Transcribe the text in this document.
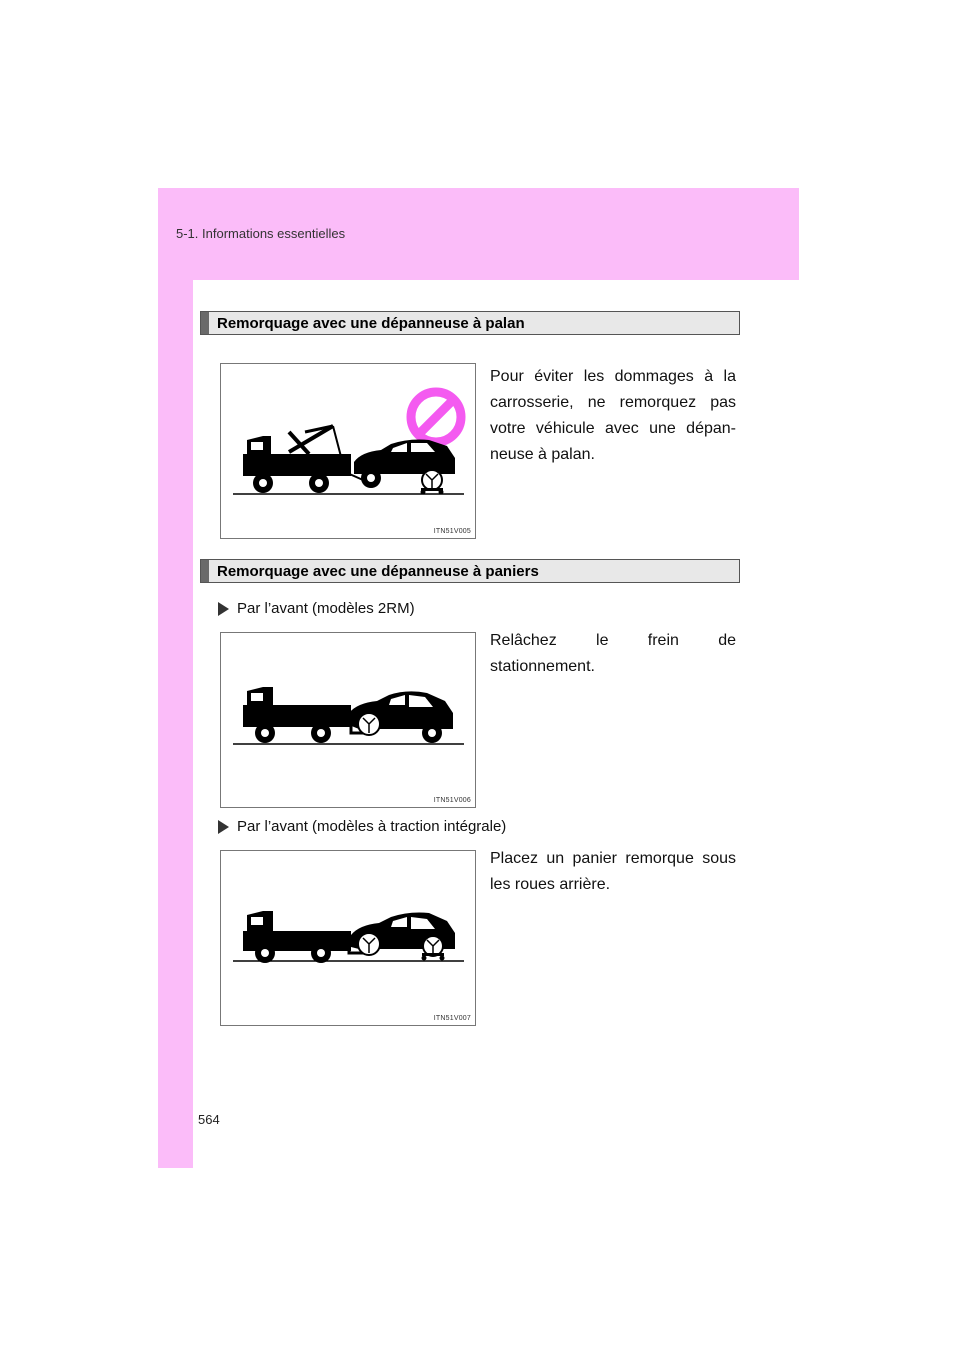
5-1. Informations essentielles
Remorquage avec une dépanneuse à palan
ITN51V005
Pour éviter les dommages à la carrosserie, ne remorquez pas votre véhicule avec une dépan-neuse à palan.
Remorquage avec une dépanneuse à paniers
Par l’avant (modèles 2RM)
ITN51V006
Relâchez le frein de stationnement.
Par l’avant (modèles à traction intégrale)
ITN51V007
Placez un panier remorque sous les roues arrière.
564
